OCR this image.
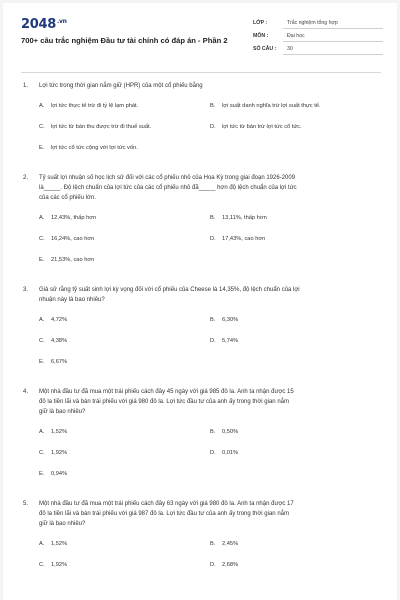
$2048^{.vn}$
700+ câu trắc nghiệm Đầu tư tài chính có đáp án - Phần 2
LỚP :	Trắc nghiệm tổng hợp
MÔN :	Đại học
SỐ CÂU : 30
1. Lợi tức trong thời gian nắm giữ (HPR) của một cổ phiếu bằng
A. lợi tức thực tế trừ đi tỷ lệ lạm phát.	B. lợi suất danh nghĩa trừ lợi suất thực tế.
C. lợi tức từ bán thu được trừ đi thuế suất.	D. lợi tức từ bán trừ lợi tức cổ tức.
E. lợi tức cổ tức cộng với lợi tức vốn.
2. Tỷ suất lợi nhuận số học lịch sử đối với các cổ phiếu nhỏ của Hoa Kỳ trong giai đoạn 1926-2009
là_____. Độ lệch chuẩn của lợi tức của các cổ phiếu nhỏ đã_____ hơn độ lệch chuẩn của lợi tức
của các cổ phiếu lớn.
A. 12,43%, thấp hơn	B. 13,11%, thấp hơn
C. 16,24%, cao hơn	D. 17,43%, cao hơn
E. 21,53%, cao hơn
3. Giả sử rằng tỷ suất sinh lợi kỳ vọng đối với cổ phiếu của Cheese là 14,35%, độ lệch chuẩn của lợi
nhuận này là bao nhiêu?
A. 4,72%	B. 6,30%
C. 4,38%	D. 5,74%
E. 6,67%
4. Một nhà đầu tư đã mua một trái phiếu cách đây 45 ngày với giá 985 đô la. Anh ta nhận được 15
đô la tiền lãi và bán trái phiếu với giá 980 đô la. Lợi tức đầu tư của anh ấy trong thời gian nắm
giữ là bao nhiêu?
A. 1,52%	B. 0,50%
C. 1,92%	D. 0,01%
E. 0,94%
5. Một nhà đầu tư đã mua một trái phiếu cách đây 63 ngày với giá 980 đô la. Anh ta nhận được 17
đô la tiền lãi và bán trái phiếu với giá 987 đô la. Lợi tức đầu tư của anh ấy trong thời gian nắm
giữ là bao nhiêu?
A. 1,52%	B. 2,45%
C. 1,92%	D. 2,68%
